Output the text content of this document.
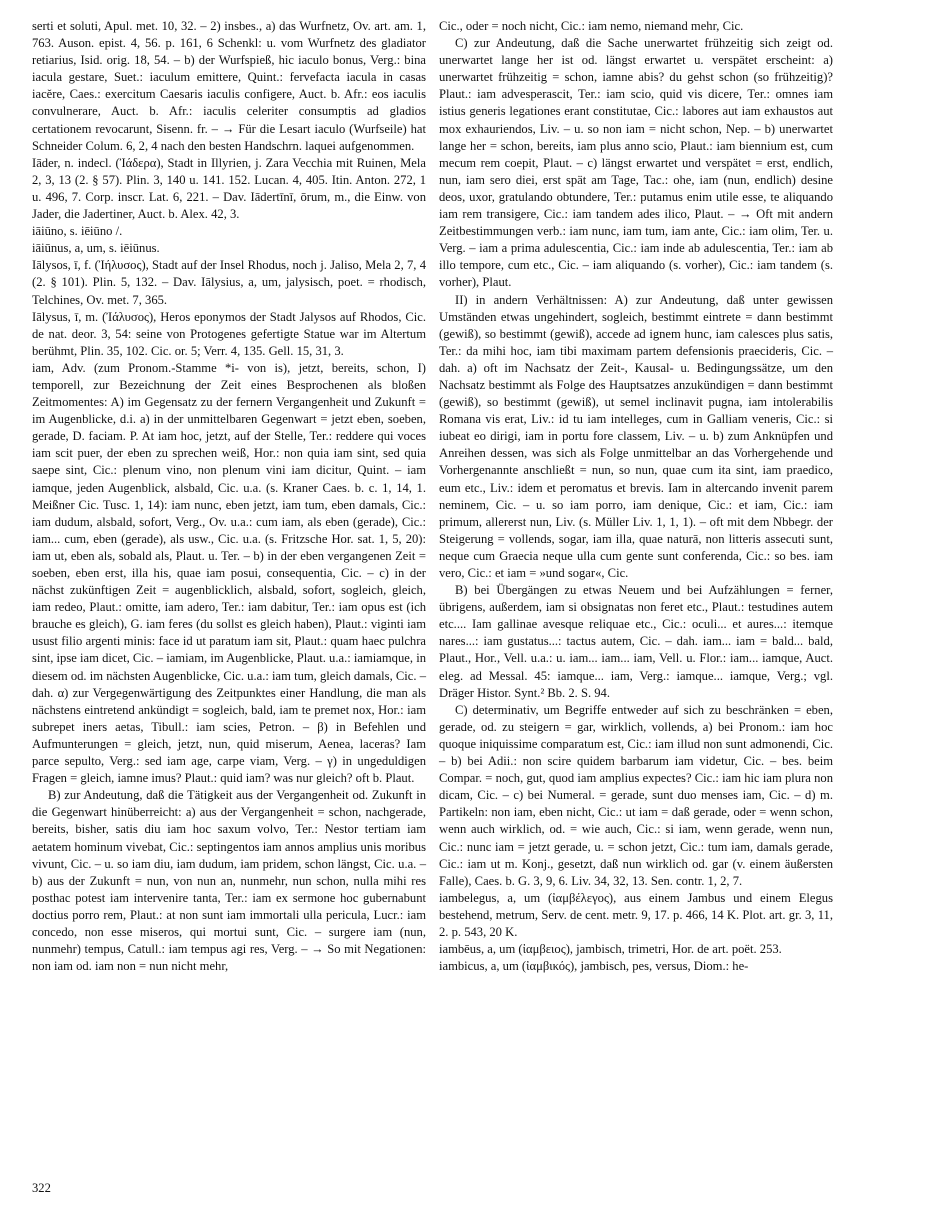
serti et soluti, Apul. met. 10, 32. – 2) insbes., a) das Wurfnetz, Ov. art. am. 1, 763. Auson. epist. 4, 56. p. 161, 6 Schenkl: u. vom Wurfnetz des gladiator retiarius, Isid. orig. 18, 54. – b) der Wurfspieß, hic iaculo bonus, Verg.: bina iacula gestare, Suet.: iaculum emittere, Quint.: fervefacta iacula in casas iacĕre, Caes.: exercitum Caesaris iaculis configere, Auct. b. Afr.: eos iaculis convulnerare, Auct. b. Afr.: iaculis celeriter consumptis ad gladios certationem revocarunt, Sisenn. fr. – → Für die Lesart iaculo (Wurfseile) hat Schneider Colum. 6, 2, 4 nach den besten Handschrn. laquei aufgenommen.

Iāder, n. indecl. (Ἰάδερα), Stadt in Illyrien, j. Zara Vecchia mit Ruinen, Mela 2, 3, 13 (2. § 57). Plin. 3, 140 u. 141. 152. Lucan. 4, 405. Itin. Anton. 272, 1 u. 496, 7. Corp. inscr. Lat. 6, 221. – Dav. Iādertīnī, ōrum, m., die Einw. von Jader, die Jadertiner, Auct. b. Alex. 42, 3.

iāiūno, s. iēiūno /.

iāiūnus, a, um, s. iēiūnus.

Iālysos, ī, f. (Ἰήλυσος), Stadt auf der Insel Rhodus, noch j. Jaliso, Mela 2, 7, 4 (2. § 101). Plin. 5, 132. – Dav. Iālysius, a, um, jalysisch, poet. = rhodisch, Telchines, Ov. met. 7, 365.

Iālysus, ī, m. (Ἰάλυσος), Heros eponymos der Stadt Jalysos auf Rhodos, Cic. de nat. deor. 3, 54: seine von Protogenes gefertigte Statue war im Altertum berühmt, Plin. 35, 102. Cic. or. 5; Verr. 4, 135. Gell. 15, 31, 3.

iam, Adv. (zum Pronom.-Stamme *i- von is), jetzt, bereits, schon, I) temporell, zur Bezeichnung der Zeit eines Besprochenen als bloßen Zeitmomentes: A) im Gegensatz zu der fernern Vergangenheit und Zukunft = im Augenblicke, d.i. a) in der unmittelbaren Gegenwart = jetzt eben, soeben, gerade, D. faciam. P. At iam hoc, jetzt, auf der Stelle, Ter.: reddere qui voces iam scit puer, der eben zu sprechen weiß, Hor.: non quia iam sint, sed quia saepe sint, Cic.: plenum vino, non plenum vini iam dicitur, Quint. – iam iamque, jeden Augenblick, alsbald, Cic. u.a. (s. Kraner Caes. b. c. 1, 14, 1. Meißner Cic. Tusc. 1, 14): iam nunc, eben jetzt, iam tum, eben damals, Cic.: iam dudum, alsbald, sofort, Verg., Ov. u.a.: cum iam, als eben (gerade), Cic.: iam... cum, eben (gerade), als usw., Cic. u.a. (s. Fritzsche Hor. sat. 1, 5, 20): iam ut, eben als, sobald als, Plaut. u. Ter. – b) in der eben vergangenen Zeit = soeben, eben erst, illa his, quae iam posui, consequentia, Cic. – c) in der nächst zukünftigen Zeit = augenblicklich, alsbald, sofort, sogleich, gleich, iam redeo, Plaut.: omitte, iam adero, Ter.: iam dabitur, Ter.: iam opus est (ich brauche es gleich), G. iam feres (du sollst es gleich haben), Plaut.: viginti iam usust filio argenti minis: face id ut paratum iam sit, Plaut.: quam haec pulchra sint, ipse iam dicet, Cic. – iamiam, im Augenblicke, Plaut. u.a.: iamiamque, in diesem od. im nächsten Augenblicke, Cic. u.a.: iam tum, gleich damals, Cic. – dah. α) zur Vergegenwärtigung des Zeitpunktes einer Handlung, die man als nächstens eintretend ankündigt = sogleich, bald, iam te premet nox, Hor.: iam subrepet iners aetas, Tibull.: iam scies, Petron. – β) in Befehlen und Aufmunterungen = gleich, jetzt, nun, quid miserum, Aenea, laceras? Iam parce sepulto, Verg.: sed iam age, carpe viam, Verg. – γ) in ungeduldigen Fragen = gleich, iamne imus? Plaut.: quid iam? was nur gleich? oft b. Plaut.

B) zur Andeutung, daß die Tätigkeit aus der Vergangenheit od. Zukunft in die Gegenwart hinüberreicht: a) aus der Vergangenheit = schon, nachgerade, bereits, bisher, satis diu iam hoc saxum volvo, Ter.: Nestor tertiam iam aetatem hominum vivebat, Cic.: septingentos iam annos amplius unis moribus vivunt, Cic. – u. so iam diu, iam dudum, iam pridem, schon längst, Cic. u.a. – b) aus der Zukunft = nun, von nun an, nunmehr, nun schon, nulla mihi res posthac potest iam intervenire tanta, Ter.: iam ex sermone hoc gubernabunt doctius porro rem, Plaut.: at non sunt iam immortali ulla pericula, Lucr.: iam concedo, non esse miseros, qui mortui sunt, Cic. – surgere iam (nun, nunmehr) tempus, Catull.: iam tempus agi res, Verg. – → So mit Negationen: non iam od. iam non = nun nicht mehr,

Cic., oder = noch nicht, Cic.: iam nemo, niemand mehr, Cic.

C) zur Andeutung, daß die Sache unerwartet frühzeitig sich zeigt od. unerwartet lange her ist od. längst erwartet u. verspätet erscheint: a) unerwartet frühzeitig = schon, iamne abis? du gehst schon (so frühzeitig)? Plaut.: iam advesperascit, Ter.: iam scio, quid vis dicere, Ter.: omnes iam istius generis legationes erant constitutae, Cic.: labores aut iam exhaustos aut mox exhauriendos, Liv. – u. so non iam = nicht schon, Nep. – b) unerwartet lange her = schon, bereits, iam plus anno scio, Plaut.: iam biennium est, cum mecum rem coepit, Plaut. – c) längst erwartet und verspätet = erst, endlich, nun, iam sero diei, erst spät am Tage, Tac.: ohe, iam (nun, endlich) desine deos, uxor, gratulando obtundere, Ter.: putamus enim utile esse, te aliquando iam rem transigere, Cic.: iam tandem ades ilico, Plaut. – → Oft mit andern Zeitbestimmungen verb.: iam nunc, iam tum, iam ante, Cic.: iam olim, Ter. u. Verg. – iam a prima adulescentia, Cic.: iam inde ab adulescentia, Ter.: iam ab illo tempore, cum etc., Cic. – iam aliquando (s. vorher), Cic.: iam tandem (s. vorher), Plaut.

II) in andern Verhältnissen: A) zur Andeutung, daß unter gewissen Umständen etwas ungehindert, sogleich, bestimmt eintrete = dann bestimmt (gewiß), so bestimmt (gewiß), accede ad ignem hunc, iam calesces plus satis, Ter.: da mihi hoc, iam tibi maximam partem defensionis praecideris, Cic. – dah. a) oft im Nachsatz der Zeit-, Kausal- u. Bedingungssätze, um den Nachsatz bestimmt als Folge des Hauptsatzes anzukündigen = dann bestimmt (gewiß), so bestimmt (gewiß), ut semel inclinavit pugna, iam intolerabilis Romana vis erat, Liv.: id tu iam intelleges, cum in Galliam veneris, Cic.: si iubeat eo dirigi, iam in portu fore classem, Liv. – u. b) zum Anknüpfen und Anreihen dessen, was sich als Folge unmittelbar an das Vorhergehende und Vorhergenannte anschließt = nun, so nun, quae cum ita sint, iam praedico, eum etc., Liv.: idem et peromatus et brevis. Iam in altercando invenit parem neminem, Cic. – u. so iam porro, iam denique, Cic.: et iam, Cic.: iam primum, allererst nun, Liv. (s. Müller Liv. 1, 1, 1). – oft mit dem Nbbegr. der Steigerung = vollends, sogar, iam illa, quae naturā, non litteris assecuti sunt, neque cum Graecia neque ulla cum gente sunt conferenda, Cic.: so bes. iam vero, Cic.: et iam = »und sogar«, Cic.

B) bei Übergängen zu etwas Neuem und bei Aufzählungen = ferner, übrigens, außerdem, iam si obsignatas non feret etc., Plaut.: testudines autem etc.... Iam gallinae avesque reliquae etc., Cic.: oculi... et aures...: itemque nares...: iam gustatus...: tactus autem, Cic. – dah. iam... iam = bald... bald, Plaut., Hor., Vell. u.a.: u. iam... iam... iam, Vell. u. Flor.: iam... iamque, Auct. eleg. ad Messal. 45: iamque... iam, Verg.: iamque... iamque, Verg.; vgl. Dräger Histor. Synt.² Bb. 2. S. 94.

C) determinativ, um Begriffe entweder auf sich zu beschränken = eben, gerade, od. zu steigern = gar, wirklich, vollends, a) bei Pronom.: iam hoc quoque iniquissime comparatum est, Cic.: iam illud non sunt admonendi, Cic. – b) bei Adii.: non scire quidem barbarum iam videtur, Cic. – bes. beim Compar. = noch, gut, quod iam amplius expectes? Cic.: iam hic iam plura non dicam, Cic. – c) bei Numeral. = gerade, sunt duo menses iam, Cic. – d) m. Partikeln: non iam, eben nicht, Cic.: ut iam = daß gerade, oder = wenn schon, wenn auch wirklich, od. = wie auch, Cic.: si iam, wenn gerade, wenn nun, Cic.: nunc iam = jetzt gerade, u. = schon jetzt, Cic.: tum iam, damals gerade, Cic.: iam ut m. Konj., gesetzt, daß nun wirklich od. gar (v. einem äußersten Falle), Caes. b. G. 3, 9, 6. Liv. 34, 32, 13. Sen. contr. 1, 2, 7.

iambelegus, a, um (ἰαμβέλεγος), aus einem Jambus und einem Elegus bestehend, metrum, Serv. de cent. metr. 9, 17. p. 466, 14 K. Plot. art. gr. 3, 11, 2. p. 543, 20 K.

iambēus, a, um (ἰαμβειος), jambisch, trimetri, Hor. de art. poët. 253.

iambicus, a, um (ἰαμβικός), jambisch, pes, versus, Diom.: he-

322
